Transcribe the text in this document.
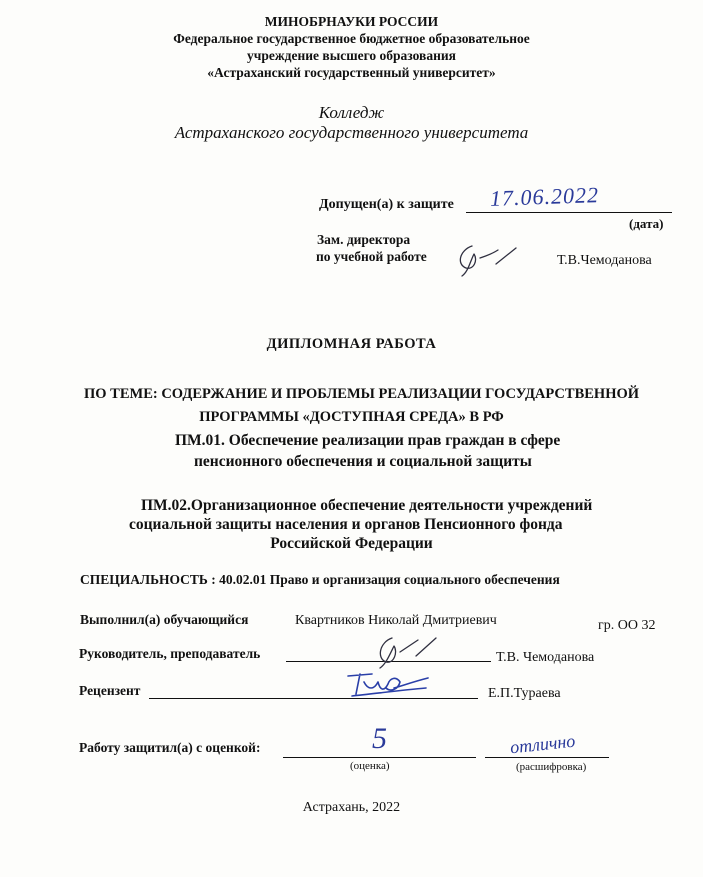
МИНОБРНАУКИ РОССИИ
Федеральное государственное бюджетное образовательное
учреждение высшего образования
«Астраханский государственный университет»
Колледж
Астраханского государственного университета
Допущен(а) к защите 17.06.2022
(дата)
Зам. директора
по учебной работе	Т.В.Чемоданова
ДИПЛОМНАЯ РАБОТА
ПО ТЕМЕ: СОДЕРЖАНИЕ И ПРОБЛЕМЫ РЕАЛИЗАЦИИ ГОСУДАРСТВЕННОЙ
ПРОГРАММЫ «ДОСТУПНАЯ СРЕДА» В РФ
ПМ.01. Обеспечение реализации прав граждан в сфере
пенсионного обеспечения и социальной защиты
ПМ.02.Организационное обеспечение деятельности учреждений
социальной защиты населения и органов Пенсионного фонда
Российской Федерации
СПЕЦИАЛЬНОСТЬ : 40.02.01 Право и организация социального обеспечения
Выполнил(а) обучающийся	Квартников Николай Дмитриевич	гр. ОО 32
Руководитель, преподаватель	Т.В. Чемоданова
Рецензент	Е.П.Тураева
Работу защитил(а) с оценкой:	5
(оценка)
отлично
(расшифровка)
Астрахань, 2022
